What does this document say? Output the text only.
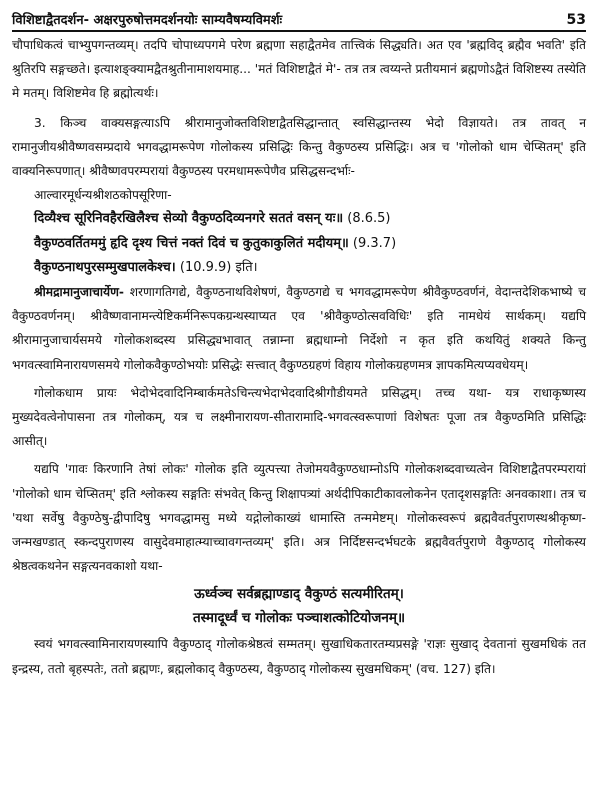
विशिष्टाद्वैतदर्शन- अक्षरपुरुषोत्तमदर्शनयोः साम्यवैषम्यविमर्शः	53

चौपाधिकत्वं चाभ्युपगन्तव्यम्‌। तदपि चोपाध्यपगमे परेण ब्रह्मणा सहाद्वैतमेव तात्त्विकं सिद्ध्यति। अत एव 'ब्रह्मविद् ब्रह्मैव भवति' इति श्रुतिरपि सङ्गच्छते। इत्याशङ्क्यामद्वैतश्रुतीनामाशयमाह... 'मतं विशिष्टाद्वैतं मे'- तत्र तत्र त्वय्यन्ते प्रतीयमानं ब्रह्मणोऽद्वैतं विशिष्टस्य तस्येति मे मतम्‌। विशिष्टमेव हि ब्रह्मोत्यर्थः।

3. किञ्च वाक्यसङ्गत्याऽपि श्रीरामानुजोक्तविशिष्टाद्वैतसिद्धान्तात्‌ स्वसिद्धान्तस्य भेदो विज्ञायते। तत्र तावत्‌ न रामानुजीयश्रीवैष्णवसम्प्रदाये भगवद्धामरूपेण गोलोकस्य प्रसिद्धिः किन्तु वैकुण्ठस्य प्रसिद्धिः। अत्र च 'गोलोको धाम चेप्सितम्‌' इति वाक्यनिरूपणात्‌। श्रीवैष्णवपरम्परायां वैकुण्ठस्य परमधामरूपेणैव प्रसिद्धसन्दर्भाः-

आल्वारमूर्धन्यश्रीशठकोपसूरिणा-

दिव्यैश्च सूरिनिवहैरखिलैश्च सेव्यो वैकुण्ठदिव्यनगरे सततं वसन्‌ यः॥ (8.6.5)

वैकुण्ठवर्तितममुं हृदि दृश्य चित्तं नक्तं दिवं च कुतुकाकुलितं मदीयम्‌॥ (9.3.7)

वैकुण्ठनाथपुरसम्मुखपालकेश्च। (10.9.9) इति।

श्रीमद्रामानुजाचार्येण- शरणागतिगद्ये, वैकुण्ठनाथविशेषणं, वैकुण्ठगद्ये च भगवद्धामरूपेण श्रीवैकुण्ठवर्णनं, वेदान्तदेशिकभाष्ये च वैकुण्ठवर्णनम्‌। श्रीवैष्णवानामन्त्येष्टिकर्मनिरूपकग्रन्थस्याप्यत एव 'श्रीवैकुण्ठोत्सवविधिः' इति नामधेयं सार्थकम्‌। यद्यपि श्रीरामानुजाचार्यसमये गोलोकशब्दस्य प्रसिद्ध्यभावात्‌ तन्नाम्ना ब्रह्मधाम्नो निर्देशो न कृत इति कथयितुं शक्यते किन्तु भगवत्स्वामिनारायणसमये गोलोकवैकुण्ठोभयोः प्रसिद्धेः सत्त्वात्‌ वैकुण्ठग्रहणं विहाय गोलोकग्रहणमत्र ज्ञापकमित्यप्यवधेयम्‌।

गोलोकधाम प्रायः भेदोभेदवादिनिम्बार्कमतेऽचिन्त्यभेदाभेदवादिश्रीगौडीयमते प्रसिद्धम्‌। तच्च यथा- यत्र राधाकृष्णस्य मुख्यदेवत्वेनोपासना तत्र गोलोकम्‌, यत्र च लक्ष्मीनारायण-सीतारामादि-भगवत्स्वरूपाणां विशेषतः पूजा तत्र वैकुण्ठमिति प्रसिद्धिः आसीत्‌।

यद्यपि 'गावः किरणानि तेषां लोकः' गोलोक इति व्युत्पत्त्या तेजोमयवैकुण्ठधाम्नोऽपि गोलोकशब्दवाच्यत्वेन विशिष्टाद्वैतपरम्परायां 'गोलोको धाम चेप्सितम्‌' इति श्लोकस्य सङ्गतिः संभवेत्‌ किन्तु शिक्षापत्र्यां अर्थदीपिकाटीकावलोकनेन एतादृशसङ्गतिः अनवकाशा। तत्र च 'यथा सर्वेषु वैकुण्ठेषु-द्वीपादिषु भगवद्धामसु मध्ये यद्गोलोकाख्यं धामास्ति तन्ममेष्टम्‌। गोलोकस्वरूपं ब्रह्मवैवर्तपुराणस्थश्रीकृष्ण-जन्मखण्डात्‌ स्कन्दपुराणस्य वासुदेवमाहात्म्याच्चावगन्तव्यम्‌' इति। अत्र निर्दिष्टसन्दर्भघटके ब्रह्मवैवर्तपुराणे वैकुण्ठाद्‌ गोलोकस्य श्रेष्ठत्वकथनेन सङ्गत्यनवकाशो यथा-

ऊर्ध्वञ्च सर्वब्रह्माण्डाद्‌ वैकुण्ठं सत्यमीरितम्‌।

तस्मादूर्ध्वं च गोलोकः पञ्चाशत्कोटियोजनम्‌॥

स्वयं भगवत्स्वामिनारायणस्यापि वैकुण्ठाद्‌ गोलोकश्रेष्ठत्वं सम्मतम्‌। सुखाधिकतारतम्यप्रसङ्गे 'राज्ञः सुखाद्‌ देवतानां सुखमधिकं तत इन्द्रस्य, ततो बृहस्पतेः, ततो ब्रह्मणः, ब्रह्मलोकाद्‌ वैकुण्ठस्य, वैकुण्ठाद्‌ गोलोकस्य सुखमधिकम्‌' (वच. 127) इति।
